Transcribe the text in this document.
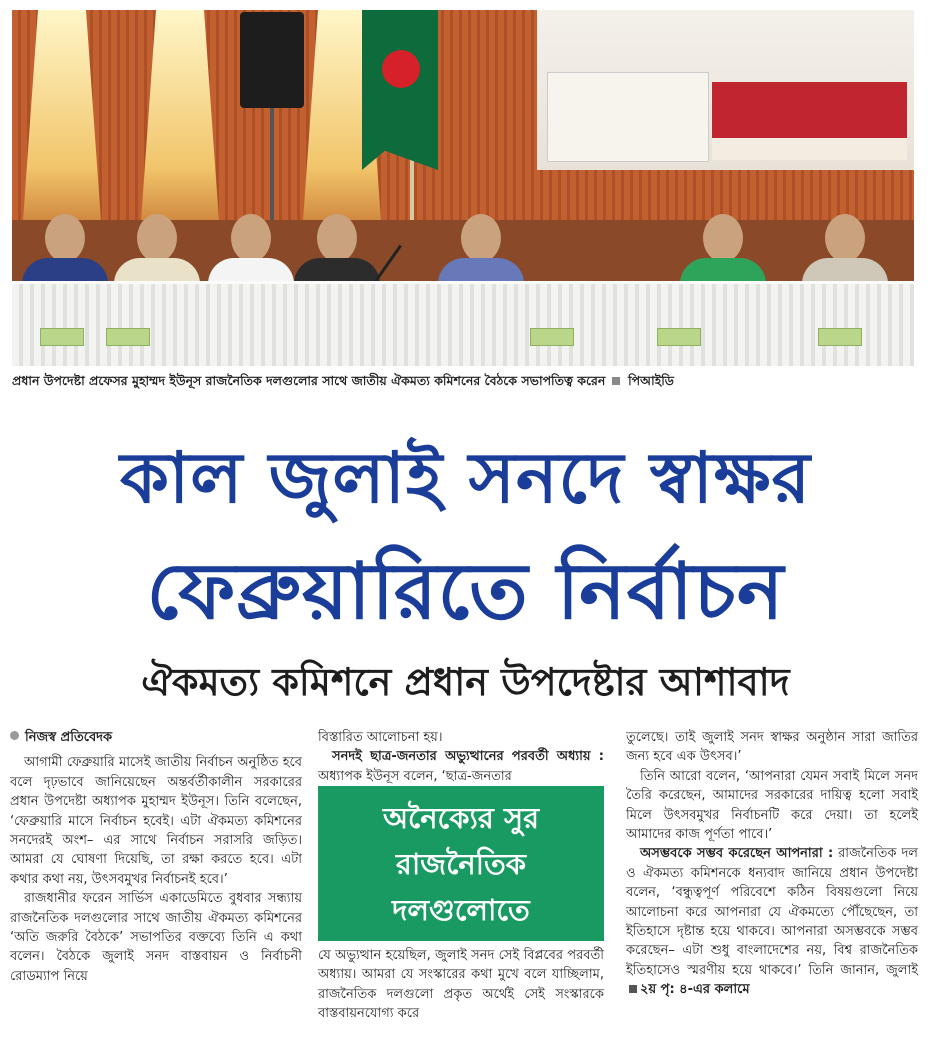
প্রধান উপদেষ্টা প্রফেসর মুহাম্মদ ইউনূস রাজনৈতিক দলগুলোর সাথে জাতীয় ঐকমত্য কমিশনের বৈঠকে সভাপতিত্ব করেন পিআইডি
কাল জুলাই সনদে স্বাক্ষর
ফেব্রুয়ারিতে নির্বাচন
ঐকমত্য কমিশনে প্রধান উপদেষ্টার আশাবাদ

নিজস্ব প্রতিবেদক

আগামী ফেব্রুয়ারি মাসেই জাতীয় নির্বাচন অনুষ্ঠিত হবে বলে দৃঢ়ভাবে জানিয়েছেন অন্তর্বর্তীকালীন সরকারের প্রধান উপদেষ্টা অধ্যাপক মুহাম্মদ ইউনূস। তিনি বলেছেন, ‘ফেব্রুয়ারি মাসে নির্বাচন হবেই। এটা ঐকমত্য কমিশনের সনদেরই অংশ– এর সাথে নির্বাচন সরাসরি জড়িত। আমরা যে ঘোষণা দিয়েছি, তা রক্ষা করতে হবে। এটা কথার কথা নয়, উৎসবমুখর নির্বাচনই হবে।’

রাজধানীর ফরেন সার্ভিস একাডেমিতে বুধবার সন্ধ্যায় রাজনৈতিক দলগুলোর সাথে জাতীয় ঐকমত্য কমিশনের ‘অতি জরুরি বৈঠকে’ সভাপতির বক্তব্যে তিনি এ কথা বলেন। বৈঠকে জুলাই সনদ বাস্তবায়ন ও নির্বাচনী রোডম্যাপ নিয়ে

বিস্তারিত আলোচনা হয়।

সনদই ছাত্র-জনতার অভ্যুত্থানের পরবর্তী অধ্যায় : অধ্যাপক ইউনূস বলেন, ‘ছাত্র-জনতার

অনৈক্যের সুর
রাজনৈতিক
দলগুলোতে

যে অভ্যুত্থান হয়েছিল, জুলাই সনদ সেই বিপ্লবের পরবর্তী অধ্যায়। আমরা যে সংস্কারের কথা মুখে বলে যাচ্ছিলাম, রাজনৈতিক দলগুলো প্রকৃত অর্থেই সেই সংস্কারকে বাস্তবায়নযোগ্য করে

তুলেছে। তাই জুলাই সনদ স্বাক্ষর অনুষ্ঠান সারা জাতির জন্য হবে এক উৎসব।’

তিনি আরো বলেন, ‘আপনারা যেমন সবাই মিলে সনদ তৈরি করেছেন, আমাদের সরকারের দায়িত্ব হলো সবাই মিলে উৎসবমুখর নির্বাচনটি করে দেয়া। তা হলেই আমাদের কাজ পূর্ণতা পাবে।’

অসম্ভবকে সম্ভব করেছেন আপনারা : রাজনৈতিক দল ও ঐকমত্য কমিশনকে ধন্যবাদ জানিয়ে প্রধান উপদেষ্টা বলেন, ‘বন্ধুত্বপূর্ণ পরিবেশে কঠিন বিষয়গুলো নিয়ে আলোচনা করে আপনারা যে ঐকমত্যে পৌঁছেছেন, তা ইতিহাসে দৃষ্টান্ত হয়ে থাকবে। আপনারা অসম্ভবকে সম্ভব করেছেন– এটা শুধু বাংলাদেশের নয়, বিশ্ব রাজনৈতিক ইতিহাসেও স্মরণীয় হয়ে থাকবে।’ তিনি জানান, জুলাই ২য় পৃ: ৪-এর কলামে
